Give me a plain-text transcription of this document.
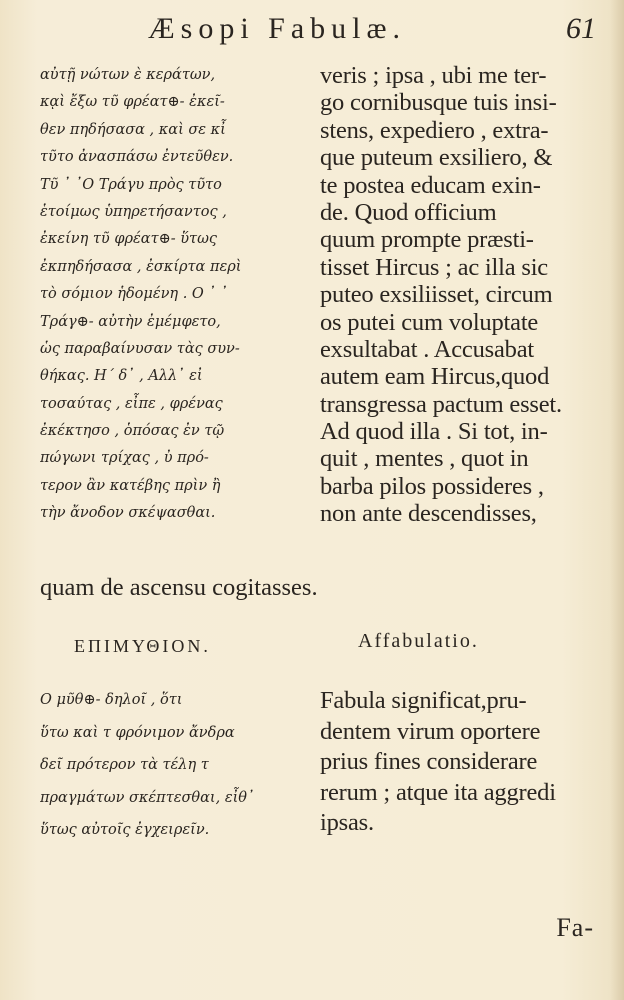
Æsopi Fabulæ.	61
αὐτῇ νώτων ὲ κεράτων,
κᾳὶ ἔξω τῦ φρέατ⊕- ἐκεῖ-
θεν πηδήσασα , καὶ σε κἶ
τῦτο ἀνασπάσω ἐντεῦθεν.
Τῦ ᾿ ᾿Ο Τράγυ πρὸς τῦτο
ἑτοίμως ὑπηρετήσαντος ,
ἐκείνη τῦ φρέατ⊕- ὕτως
ἐκπηδήσασα , ἐσκίρτα περὶ
τὸ σόμιον ἡδομένη . Ο ᾿ ᾿
Τράγ⊕- αὐτὴν ἐμέμφετο,
ὡς παραβαίνυσαν τὰς συν-
θήκας. Ηˊ δ᾿ , Αλλ᾿ εἰ
τοσαύτας , εἶπε , φρένας
ἐκέκτησο , ὁπόσας ἐν τῷ
πώγωνι τρίχας , ὐ πρό-
τερον ἂν κατέβης πρὶν ἢ
τὴν ἄνοδον σκέψασθαι.
veris ; ipsa , ubi me ter-
go cornibusque tuis insi-
stens, expediero , extra-
que puteum exsiliero, &
te postea educam exin-
de. Quod officium
quum prompte præsti-
tisset Hircus ; ac illa sic
puteo exsiliisset, circum
os putei cum voluptate
exsultabat . Accusabat
autem eam Hircus,quod
transgressa pactum esset.
Ad quod illa . Si tot, in-
quit , mentes , quot in
barba pilos possideres ,
non ante descendisses,
quam de ascensu cogitasses.
ΕΠΙΜΥΘΙΟΝ.	Affabulatio.
Ο μῦθ⊕- δηλοῖ , ὅτι
ὕτω καὶ τ φρόνιμον ἄνδρα
δεῖ πρότερον τὰ τέλη τ
πραγμάτων σκέπτεσθαι, εἶθ᾿
ὕτως αὐτοῖς ἐγχειρεῖν.
Fabula significat,pru-
dentem virum oportere
prius fines considerare
rerum ; atque ita aggredi
ipsas.
Fa-
